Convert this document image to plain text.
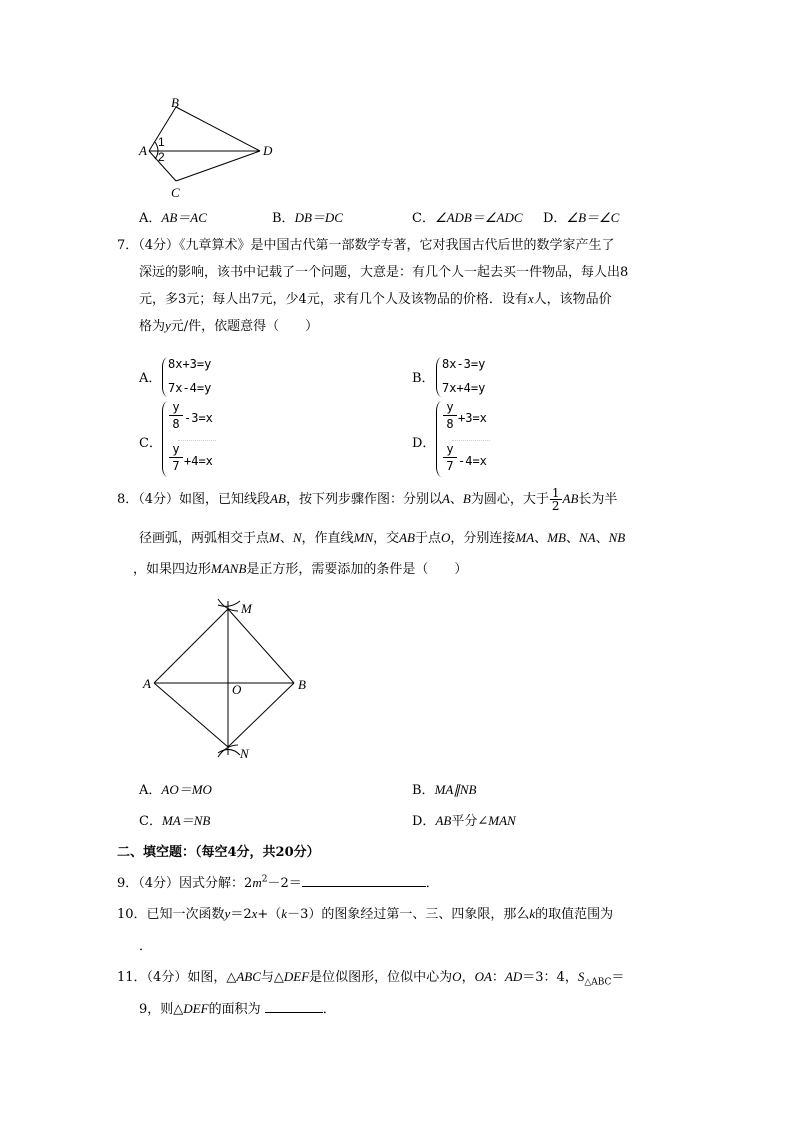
B
A	D
C
1
2
A．AB＝AC	B．DB＝DC	C．∠ADB＝∠ADC D．∠B＝∠C
7．（4分）《九章算术》是中国古代第一部数学专著，它对我国古代后世的数学家产生了
深远的影响，该书中记载了一个问题，大意是：有几个人一起去买一件物品，每人出8
元，多3元；每人出7元，少4元，求有几个人及该物品的价格．设有x人，该物品价
格为y元/件，依题意得（　　）
A．
8x+3=y
7x-4=y
B．
8x-3=y
7x+4=y
C．
y
8 -3=x
y
7 +4=x
D．
y
8 +3=x
y
7 -4=x
8．（4分）如图，已知线段AB，按下列步骤作图：分别以A、B为圆心，大于 $\frac{1}{2}$ AB长为半
径画弧，两弧相交于点M、N，作直线MN，交AB于点O，分别连接MA、MB、NA、NB
，如果四边形MANB是正方形，需要添加的条件是（　　）
M
A	O	B
N
A．AO＝MO	B．MA∥NB
C．MA＝NB	D．AB平分∠MAN
二、填空题：（每空4分，共20分）
9．（4分）因式分解：$2m^2-2=$	．
10．已知一次函数y＝2x+（k－3）的图象经过第一、三、四象限，那么k的取值范围为
．
11．（4分）如图，△ABC与△DEF是位似图形，位似中心为O，OA：AD＝3：4，$S_{\triangle ABC}=$
9，则△DEF的面积为	．
